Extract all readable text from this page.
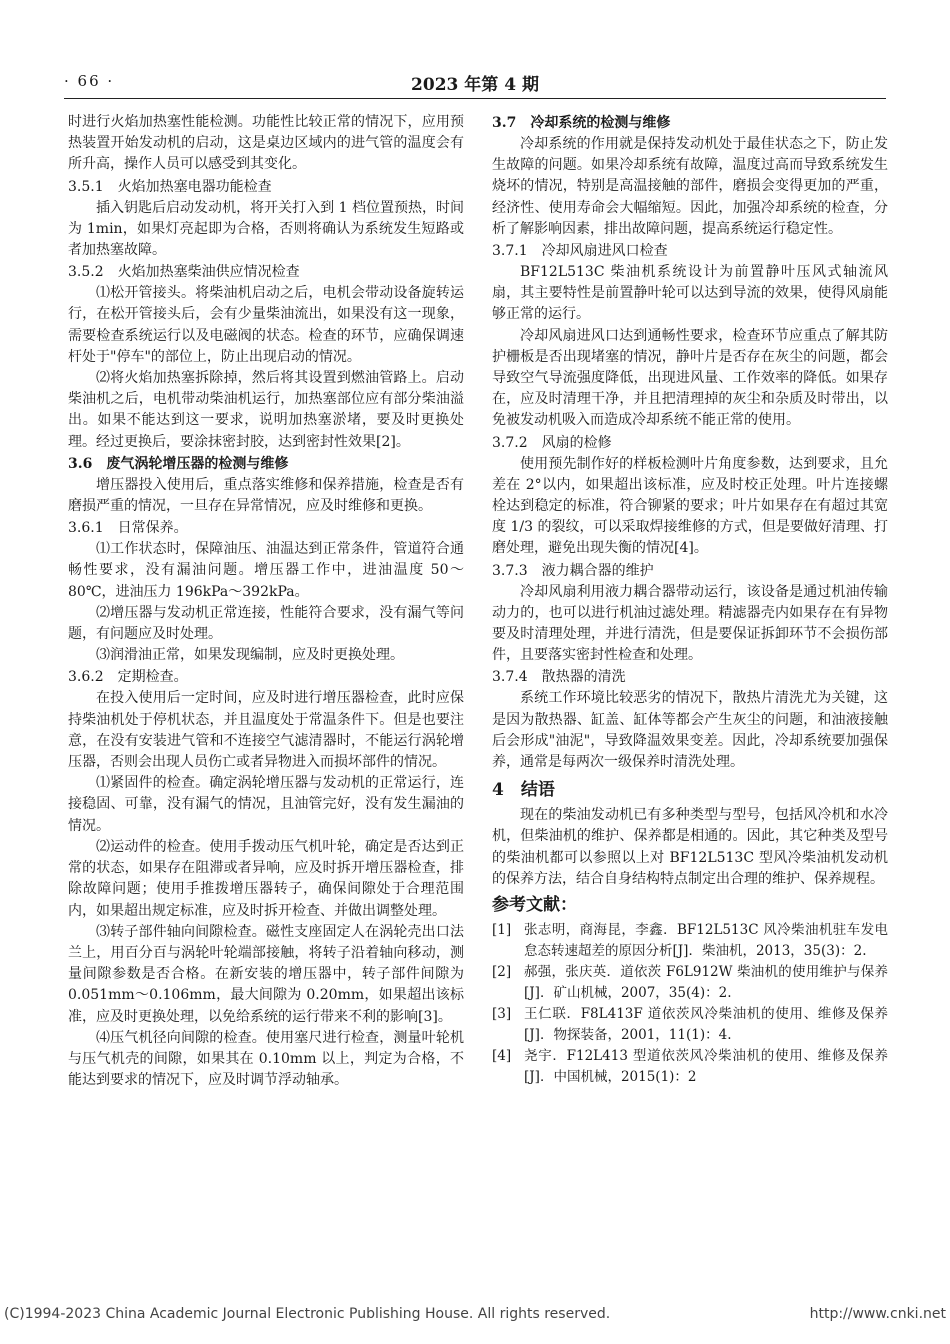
· 66 ·	2023 年第 4 期

时进行火焰加热塞性能检测。功能性比较正常的情况下，应用预热装置开始发动机的启动，这是桌边区域内的进气管的温度会有所升高，操作人员可以感受到其变化。

3.5.1　火焰加热塞电器功能检查

插入钥匙后启动发动机，将开关打入到 1 档位置预热，时间为 1min，如果灯亮起即为合格，否则将确认为系统发生短路或者加热塞故障。

3.5.2　火焰加热塞柴油供应情况检查

⑴松开管接头。将柴油机启动之后，电机会带动设备旋转运行，在松开管接头后，会有少量柴油流出，如果没有这一现象，需要检查系统运行以及电磁阀的状态。检查的环节，应确保调速杆处于"停车"的部位上，防止出现启动的情况。

⑵将火焰加热塞拆除掉，然后将其设置到燃油管路上。启动柴油机之后，电机带动柴油机运行，加热塞部位应有部分柴油溢出。如果不能达到这一要求，说明加热塞淤堵，要及时更换处理。经过更换后，要涂抹密封胶，达到密封性效果[2]。

3.6　废气涡轮增压器的检测与维修

增压器投入使用后，重点落实维修和保养措施，检查是否有磨损严重的情况，一旦存在异常情况，应及时维修和更换。

3.6.1　日常保养。

⑴工作状态时，保障油压、油温达到正常条件，管道符合通畅性要求，没有漏油问题。增压器工作中，进油温度 50～80℃，进油压力 196kPa～392kPa。

⑵增压器与发动机正常连接，性能符合要求，没有漏气等问题，有问题应及时处理。

⑶润滑油正常，如果发现编制，应及时更换处理。

3.6.2　定期检查。

在投入使用后一定时间，应及时进行增压器检查，此时应保持柴油机处于停机状态，并且温度处于常温条件下。但是也要注意，在没有安装进气管和不连接空气滤清器时，不能运行涡轮增压器，否则会出现人员伤亡或者异物进入而损坏部件的情况。

⑴紧固件的检查。确定涡轮增压器与发动机的正常运行，连接稳固、可靠，没有漏气的情况，且油管完好，没有发生漏油的情况。

⑵运动件的检查。使用手拨动压气机叶轮，确定是否达到正常的状态，如果存在阻滞或者异响，应及时拆开增压器检查，排除故障问题；使用手推拨增压器转子，确保间隙处于合理范围内，如果超出规定标准，应及时拆开检查、并做出调整处理。

⑶转子部件轴向间隙检查。磁性支座固定人在涡轮壳出口法兰上，用百分百与涡轮叶轮端部接触，将转子沿着轴向移动，测量间隙参数是否合格。在新安装的增压器中，转子部件间隙为 0.051mm～0.106mm，最大间隙为 0.20mm，如果超出该标准，应及时更换处理，以免给系统的运行带来不利的影响[3]。

⑷压气机径向间隙的检查。使用塞尺进行检查，测量叶轮机与压气机壳的间隙，如果其在 0.10mm 以上，判定为合格，不能达到要求的情况下，应及时调节浮动轴承。

3.7　冷却系统的检测与维修

冷却系统的作用就是保持发动机处于最佳状态之下，防止发生故障的问题。如果冷却系统有故障，温度过高而导致系统发生烧坏的情况，特别是高温接触的部件，磨损会变得更加的严重，经济性、使用寿命会大幅缩短。因此，加强冷却系统的检查，分析了解影响因素，排出故障问题，提高系统运行稳定性。

3.7.1　冷却风扇进风口检查

BF12L513C 柴油机系统设计为前置静叶压风式轴流风扇，其主要特性是前置静叶轮可以达到导流的效果，使得风扇能够正常的运行。

冷却风扇进风口达到通畅性要求，检查环节应重点了解其防护栅板是否出现堵塞的情况，静叶片是否存在灰尘的问题，都会导致空气导流强度降低，出现进风量、工作效率的降低。如果存在，应及时清理干净，并且把清理掉的灰尘和杂质及时带出，以免被发动机吸入而造成冷却系统不能正常的使用。

3.7.2　风扇的检修

使用预先制作好的样板检测叶片角度参数，达到要求，且允差在 2°以内，如果超出该标准，应及时校正处理。叶片连接螺栓达到稳定的标准，符合铆紧的要求；叶片如果存在有超过其宽度 1/3 的裂纹，可以采取焊接维修的方式，但是要做好清理、打磨处理，避免出现失衡的情况[4]。

3.7.3　液力耦合器的维护

冷却风扇利用液力耦合器带动运行，该设备是通过机油传输动力的，也可以进行机油过滤处理。精滤器壳内如果存在有异物要及时清理处理，并进行清洗，但是要保证拆卸环节不会损伤部件，且要落实密封性检查和处理。

3.7.4　散热器的清洗

系统工作环境比较恶劣的情况下，散热片清洗尤为关键，这是因为散热器、缸盖、缸体等都会产生灰尘的问题，和油液接触后会形成"油泥"，导致降温效果变差。因此，冷却系统要加强保养，通常是每两次一级保养时清洗处理。

4　结语

现在的柴油发动机已有多种类型与型号，包括风冷机和水冷机，但柴油机的维护、保养都是相通的。因此，其它种类及型号的柴油机都可以参照以上对 BF12L513C 型风冷柴油机发动机的保养方法，结合自身结构特点制定出合理的维护、保养规程。

参考文献：
[1] 张志明，商海昆，李鑫．BF12L513C 风冷柴油机驻车发电怠态转速超差的原因分析[J]．柴油机，2013，35(3)：2.
[2] 郝强，张庆英．道依茨 F6L912W 柴油机的使用维护与保养[J]．矿山机械，2007，35(4)：2.
[3] 王仁联．F8L413F 道依茨风冷柴油机的使用、维修及保养[J]．物探装备，2001，11(1)：4.
[4] 尧宇．F12L413 型道依茨风冷柴油机的使用、维修及保养[J]．中国机械，2015(1)：2
(C)1994-2023 China Academic Journal Electronic Publishing House. All rights reserved.	http://www.cnki.net
